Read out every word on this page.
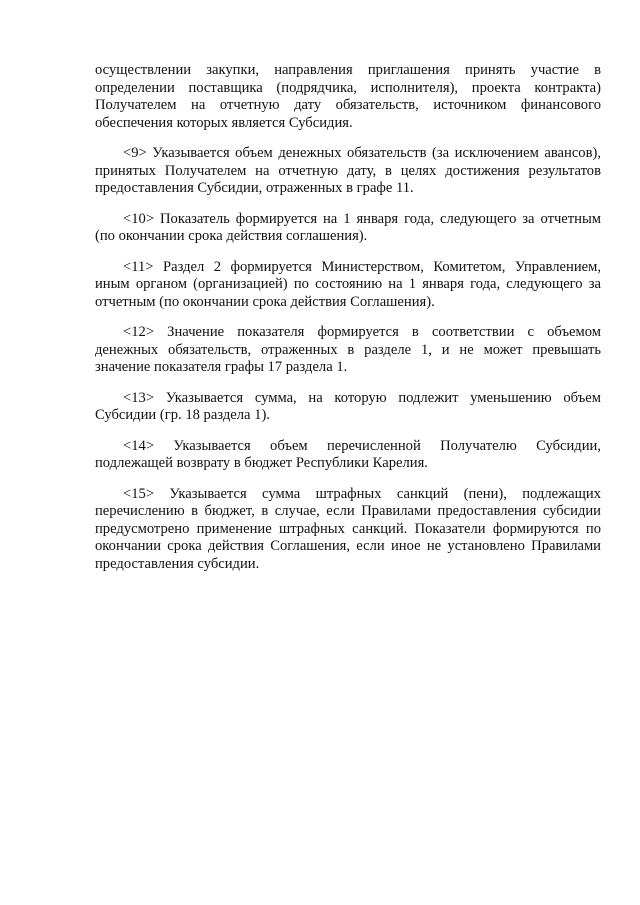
осуществлении закупки, направления приглашения принять участие в определении поставщика (подрядчика, исполнителя), проекта контракта) Получателем на отчетную дату обязательств, источником финансового обеспечения которых является Субсидия.

<9> Указывается объем денежных обязательств (за исключением авансов), принятых Получателем на отчетную дату, в целях достижения результатов предоставления Субсидии, отраженных в графе 11.

<10> Показатель формируется на 1 января года, следующего за отчетным (по окончании срока действия соглашения).

<11> Раздел 2 формируется Министерством, Комитетом, Управлением, иным органом (организацией) по состоянию на 1 января года, следующего за отчетным (по окончании срока действия Соглашения).

<12> Значение показателя формируется в соответствии с объемом денежных обязательств, отраженных в разделе 1, и не может превышать значение показателя графы 17 раздела 1.

<13> Указывается сумма, на которую подлежит уменьшению объем Субсидии (гр. 18 раздела 1).

<14> Указывается объем перечисленной Получателю Субсидии, подлежащей возврату в бюджет Республики Карелия.

<15> Указывается сумма штрафных санкций (пени), подлежащих перечислению в бюджет, в случае, если Правилами предоставления субсидии предусмотрено применение штрафных санкций. Показатели формируются по окончании срока действия Соглашения, если иное не установлено Правилами предоставления субсидии.
